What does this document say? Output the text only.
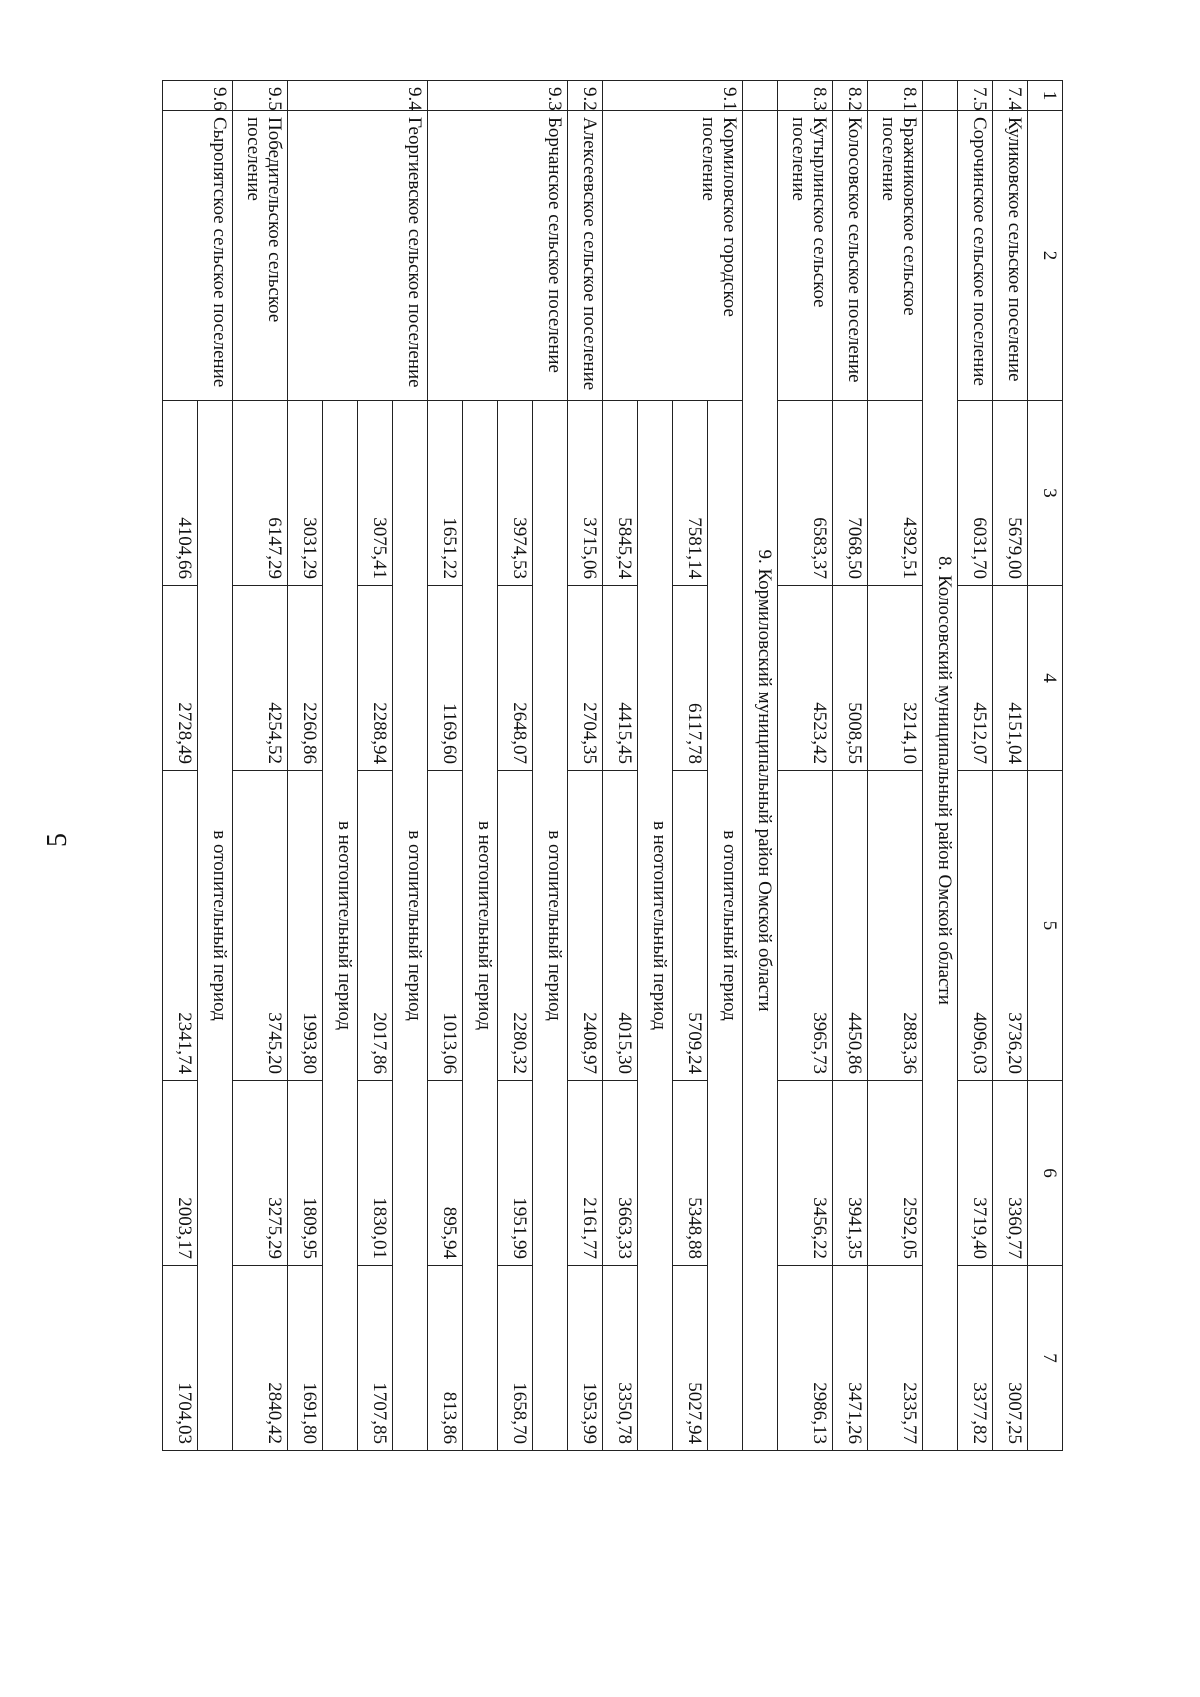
5
1	2	3	4	5	6	7
7.4	Куликовское сельское поселение	5679,00	4151,04	3736,20	3360,77	3007,25
7.5	Сорочинское сельское поселение	6031,70	4512,07	4096,03	3719,40	3377,82
	8. Колосовский муниципальный район Омской области					
8.1	Бражниковское сельское поселение	4392,51	3214,10	2883,36	2592,05	2335,77
8.2	Колосовское сельское поселение	7068,50	5008,55	4450,86	3941,35	3471,26
8.3	Кутырлинское сельское поселение	6583,37	4523,42	3965,73	3456,22	2986,13
	9. Кормиловский муниципальный район Омской области					
9.1	Кормиловское городское поселение	в отопительный период				
		7581,14	6117,78	5709,24	5348,88	5027,94
		в неотопительный период				
		5845,24	4415,45	4015,30	3663,33	3350,78
9.2	Алексеевское сельское поселение	3715,06	2704,35	2408,97	2161,77	1953,99
9.3	Борчанское сельское поселение	в отопительный период				
		3974,53	2648,07	2280,32	1951,99	1658,70
		в неотопительный период				
		1651,22	1169,60	1013,06	895,94	813,86
9.4	Георгиевское сельское поселение	в отопительный период				
		3075,41	2288,94	2017,86	1830,01	1707,85
		в неотопительный период				
		3031,29	2260,86	1993,80	1809,95	1691,80
9.5	Победительское сельское поселение	6147,29	4254,52	3745,20	3275,29	2840,42
9.6	Сыропятское сельское поселение	в отопительный период				
		4104,66	2728,49	2341,74	2003,17	1704,03
